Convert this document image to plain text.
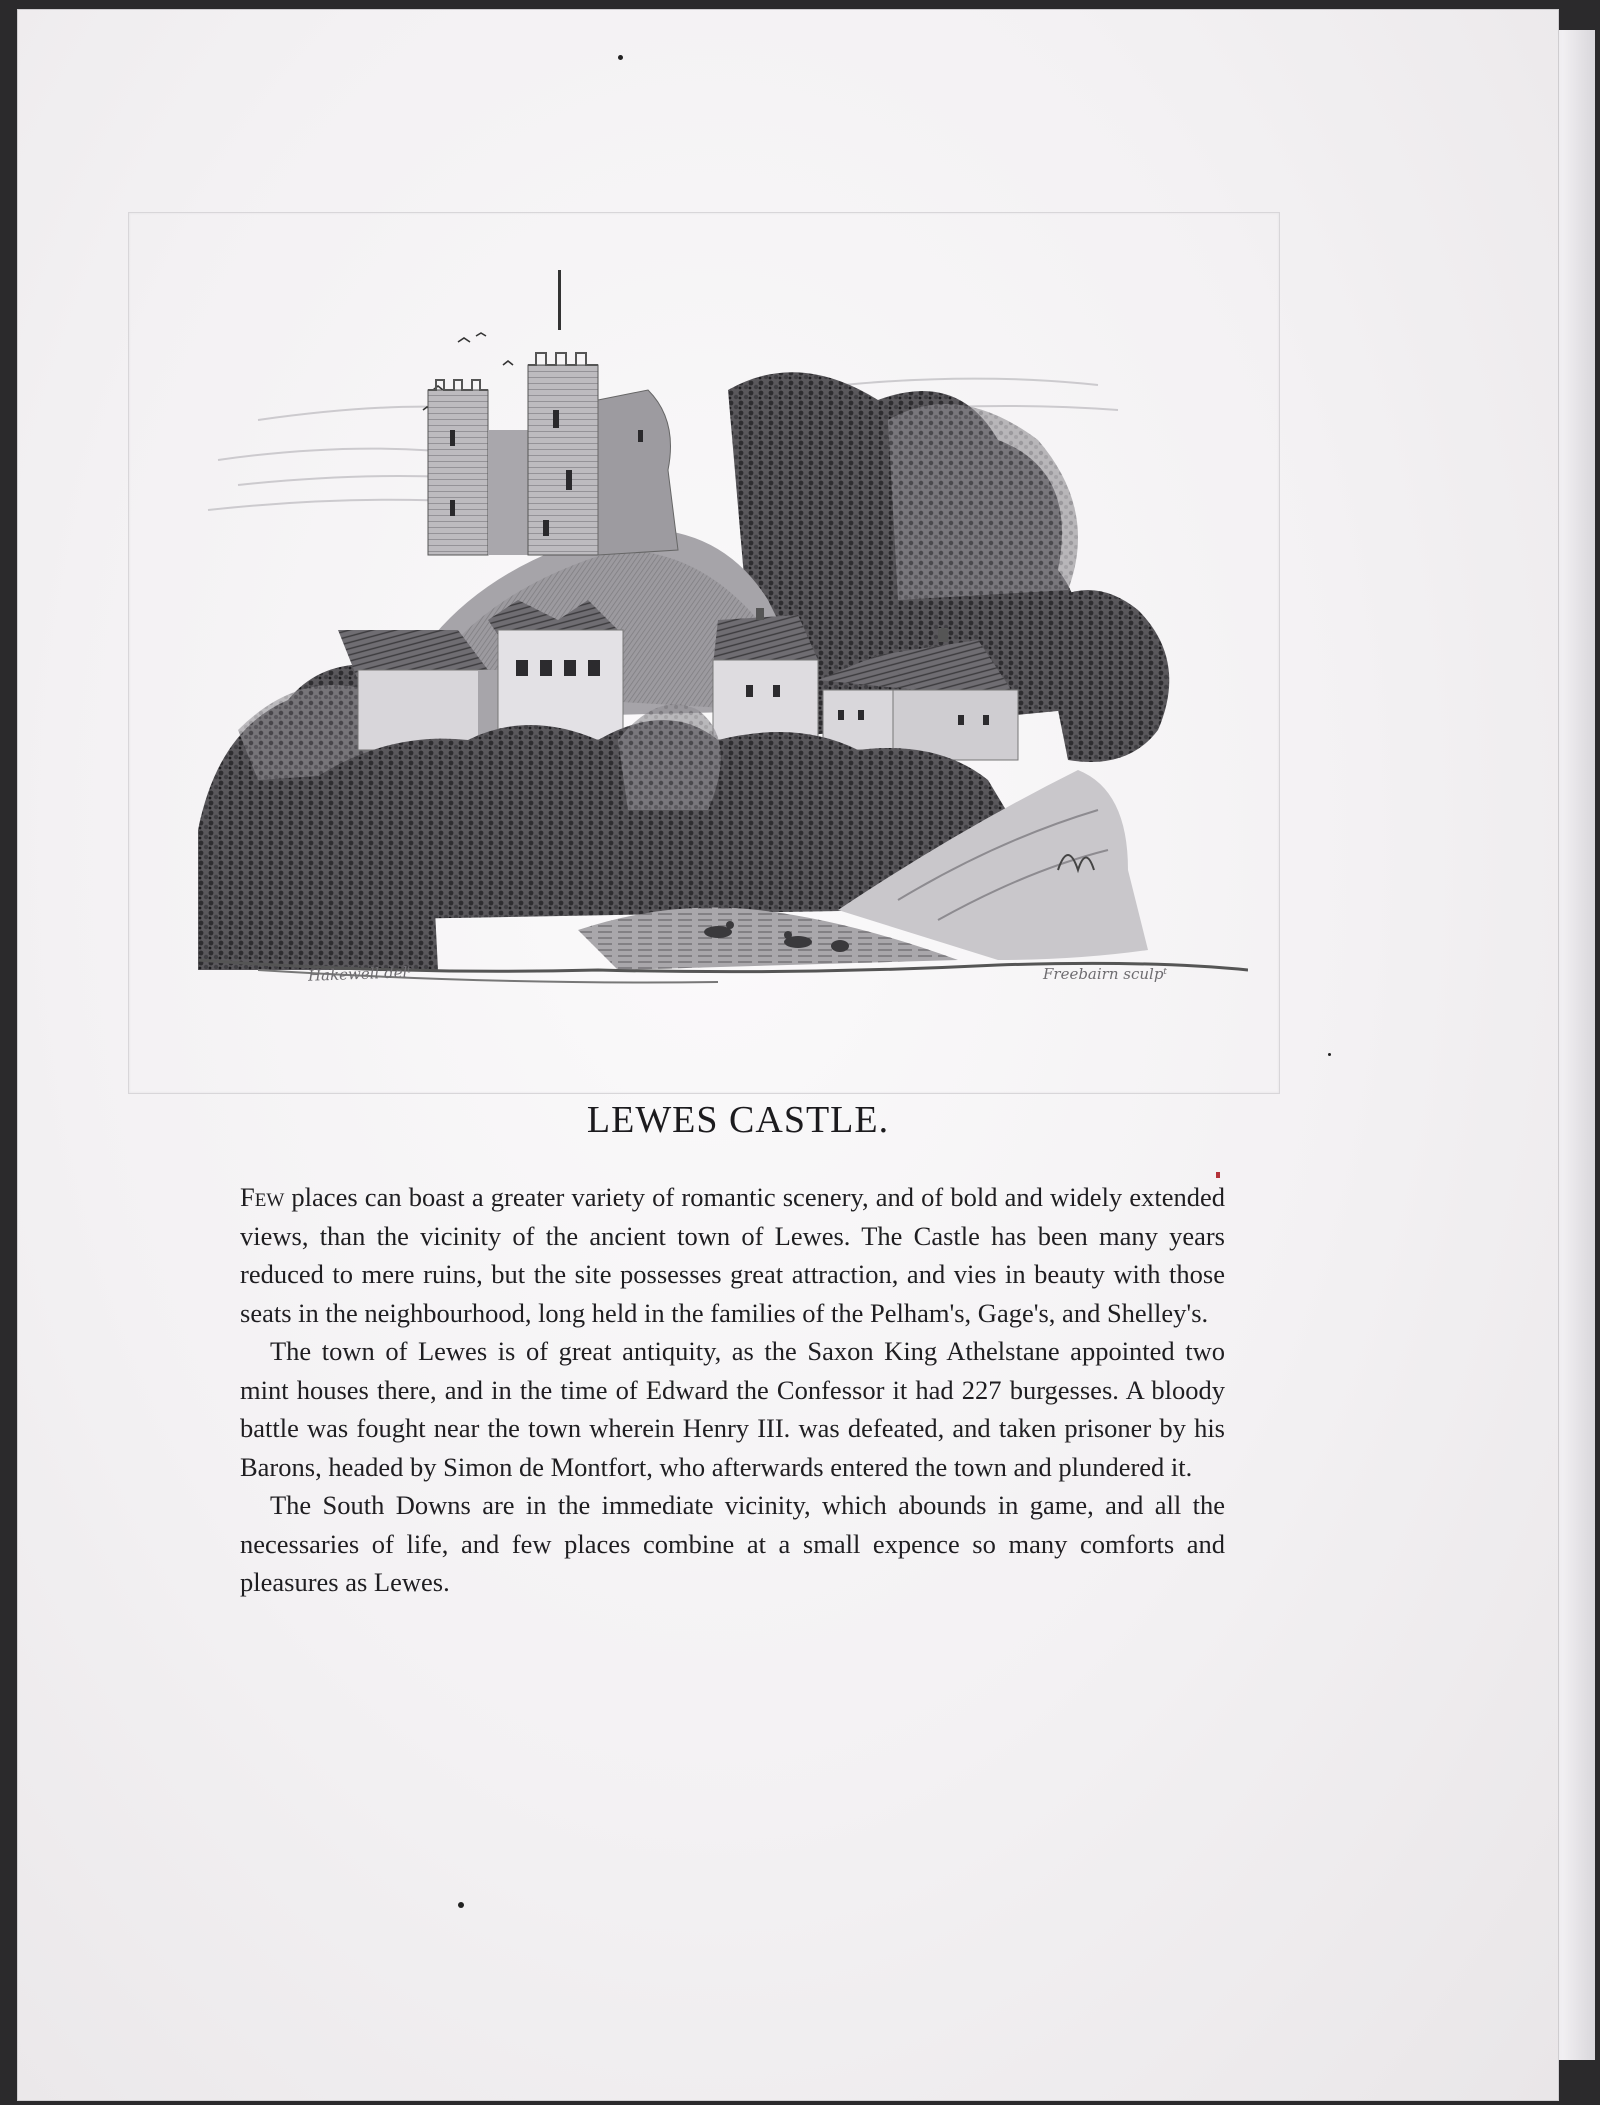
Hakewell delᵗ	Freebairn sculpᵗ
LEWES CASTLE.

Few places can boast a greater variety of romantic scenery, and of bold and widely extended views, than the vicinity of the ancient town of Lewes. The Castle has been many years reduced to mere ruins, but the site possesses great attraction, and vies in beauty with those seats in the neighbourhood, long held in the families of the Pelham's, Gage's, and Shelley's.

The town of Lewes is of great antiquity, as the Saxon King Athelstane appointed two mint houses there, and in the time of Edward the Confessor it had 227 burgesses. A bloody battle was fought near the town wherein Henry III. was defeated, and taken prisoner by his Barons, headed by Simon de Montfort, who afterwards entered the town and plundered it.

The South Downs are in the immediate vicinity, which abounds in game, and all the necessaries of life, and few places combine at a small expence so many comforts and pleasures as Lewes.
